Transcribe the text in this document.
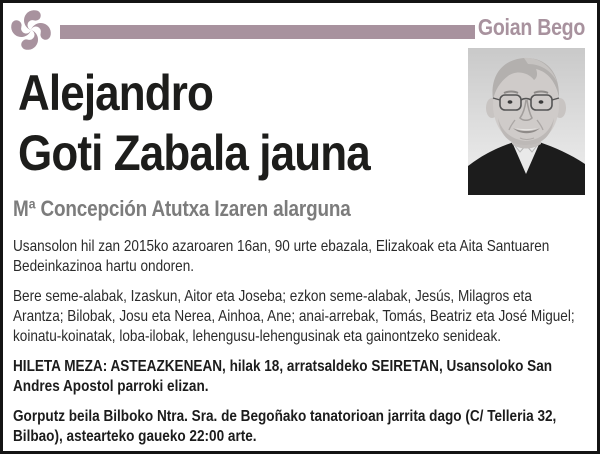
Goian Bego
Alejandro
Goti Zabala jauna
Mª Concepción Atutxa Izaren alarguna

Usansolon hil zan 2015ko azaroaren 16an, 90 urte ebazala, Elizakoak eta Aita Santuaren Bedeinkazinoa hartu ondoren.

Bere seme-alabak, Izaskun, Aitor eta Joseba; ezkon seme-alabak, Jesús, Milagros eta Arantza; Bilobak, Josu eta Nerea, Ainhoa, Ane; anai-arrebak, Tomás, Beatriz eta José Miguel; koinatu-koinatak, loba-ilobak, lehengusu-lehengusinak eta gainontzeko senideak.

HILETA MEZA: ASTEAZKENEAN, hilak 18, arratsaldeko SEIRETAN, Usansoloko San Andres Apostol parroki elizan.

Gorputz beila Bilboko Ntra. Sra. de Begoñako tanatorioan jarrita dago (C/ Telleria 32, Bilbao), astearteko gaueko 22:00 arte.
